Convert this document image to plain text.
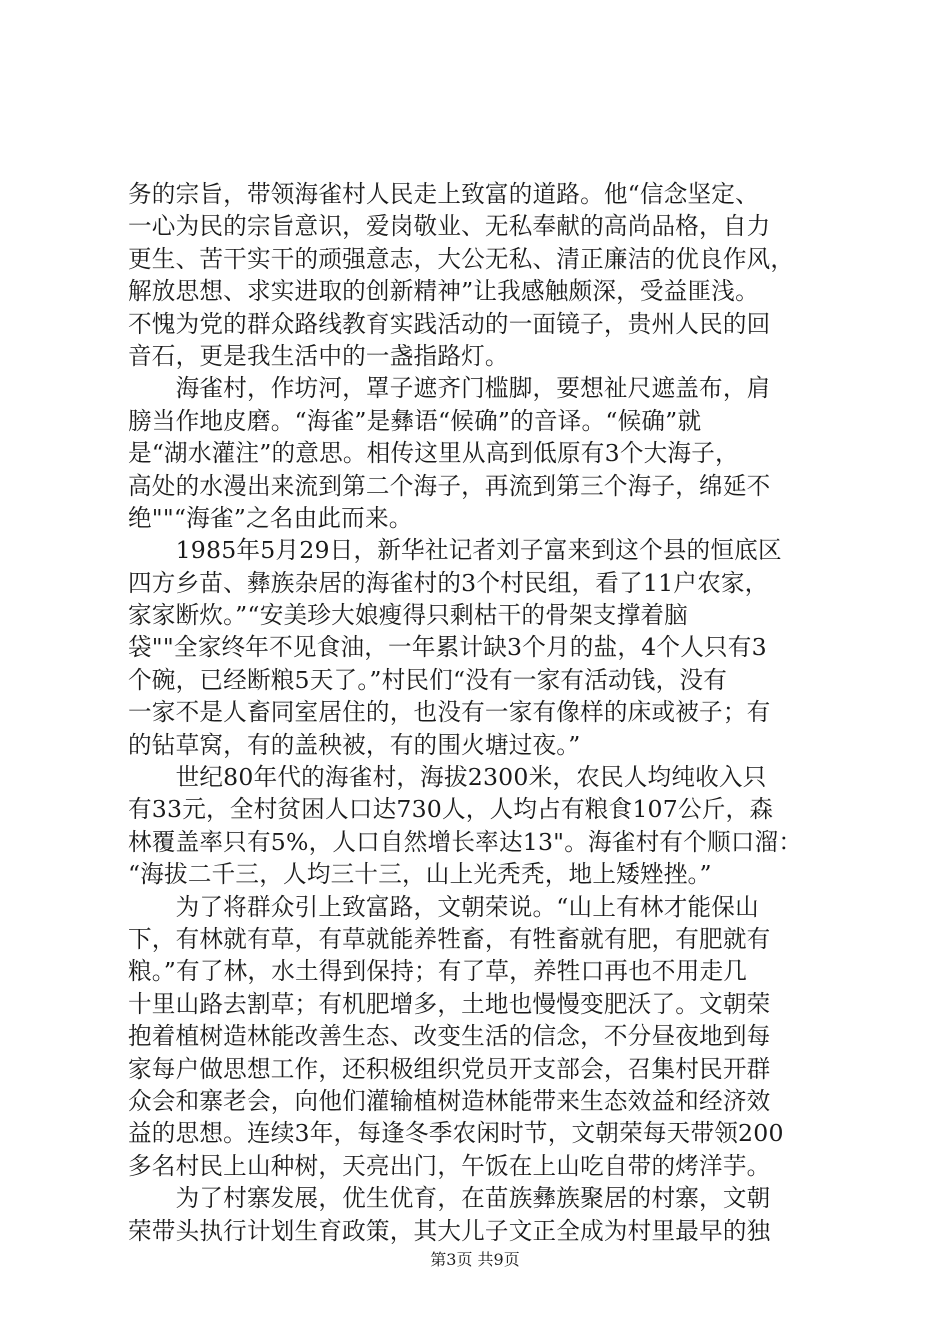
务的宗旨，带领海雀村人民走上致富的道路。他“信念坚定、
一心为民的宗旨意识，爱岗敬业、无私奉献的高尚品格，自力
更生、苦干实干的顽强意志，大公无私、清正廉洁的优良作风，
解放思想、求实进取的创新精神”让我感触颇深，受益匪浅。
不愧为党的群众路线教育实践活动的一面镜子，贵州人民的回
音石，更是我生活中的一盏指路灯。
　　海雀村，作坊河，罩子遮齐门槛脚，要想祉尺遮盖布，肩
膀当作地皮磨。“海雀”是彝语“候确”的音译。“候确”就
是“湖水灌注”的意思。相传这里从高到低原有3个大海子，
高处的水漫出来流到第二个海子，再流到第三个海子，绵延不
绝""“海雀”之名由此而来。
　　1985年5月29日，新华社记者刘子富来到这个县的恒底区
四方乡苗、彝族杂居的海雀村的3个村民组，看了11户农家，
家家断炊。”“安美珍大娘瘦得只剩枯干的骨架支撑着脑
袋""全家终年不见食油，一年累计缺3个月的盐，4个人只有3
个碗，已经断粮5天了。”村民们“没有一家有活动钱，没有
一家不是人畜同室居住的，也没有一家有像样的床或被子；有
的钻草窝，有的盖秧被，有的围火塘过夜。”
　　世纪80年代的海雀村，海拔2300米，农民人均纯收入只
有33元，全村贫困人口达730人，人均占有粮食107公斤，森
林覆盖率只有5%，人口自然增长率达13"。海雀村有个顺口溜：
“海拔二千三，人均三十三，山上光秃秃，地上矮矬挫。”
　　为了将群众引上致富路，文朝荣说。“山上有林才能保山
下，有林就有草，有草就能养牲畜，有牲畜就有肥，有肥就有
粮。”有了林，水土得到保持；有了草，养牲口再也不用走几
十里山路去割草；有机肥增多，土地也慢慢变肥沃了。文朝荣
抱着植树造林能改善生态、改变生活的信念，不分昼夜地到每
家每户做思想工作，还积极组织党员开支部会，召集村民开群
众会和寨老会，向他们灌输植树造林能带来生态效益和经济效
益的思想。连续3年，每逢冬季农闲时节，文朝荣每天带领200
多名村民上山种树，天亮出门，午饭在上山吃自带的烤洋芋。
　　为了村寨发展，优生优育，在苗族彝族聚居的村寨，文朝
荣带头执行计划生育政策，其大儿子文正全成为村里最早的独
第3页 共9页
